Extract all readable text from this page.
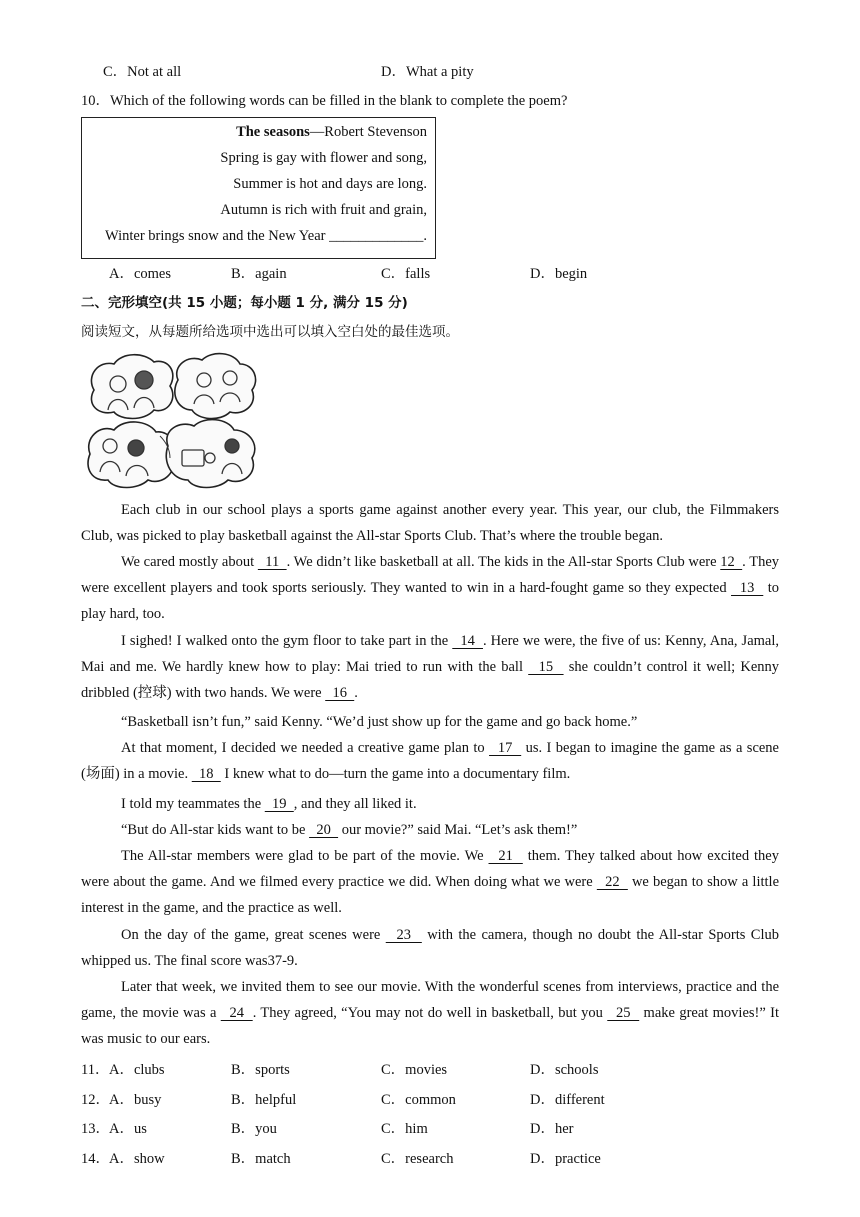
C．Not at all	D．What a pity
10．Which of the following words can be filled in the blank to complete the poem?
The seasons—Robert Stevenson
Spring is gay with flower and song,
Summer is hot and days are long.
Autumn is rich with fruit and grain,
Winter brings snow and the New Year _____________.
A．comes	B．again	C．falls	D．begin
二、完形填空(共 15 小题；每小题 1 分, 满分 15 分)
阅读短文，从每题所给选项中选出可以填入空白处的最佳选项。
Each club in our school plays a sports game against another every year. This year, our club, the Filmmakers Club, was picked to play basketball against the All-star Sports Club. That’s where the trouble began.
We cared mostly about   11  . We didn’t like basketball at all. The kids in the All-star Sports Club were 12  . They were excellent players and took sports seriously. They wanted to win in a hard-fought game so they expected   13   to play hard, too.
I sighed! I walked onto the gym floor to take part in the   14  . Here we were, the five of us: Kenny, Ana, Jamal, Mai and me. We hardly knew how to play: Mai tried to run with the ball   15   she couldn’t control it well; Kenny dribbled (控球) with two hands. We were   16  .
“Basketball isn’t fun,” said Kenny. “We’d just show up for the game and go back home.”
At that moment, I decided we needed a creative game plan to   17   us. I began to imagine the game as a scene (场面) in a movie.   18   I knew what to do—turn the game into a documentary film.
I told my teammates the   19  , and they all liked it.
“But do All-star kids want to be   20   our movie?” said Mai. “Let’s ask them!”
The All-star members were glad to be part of the movie. We   21   them. They talked about how excited they were about the game. And we filmed every practice we did. When doing what we were   22   we began to show a little interest in the game, and the practice as well.
On the day of the game, great scenes were   23   with the camera, though no doubt the All-star Sports Club whipped us. The final score was37-9.
Later that week, we invited them to see our movie. With the wonderful scenes from interviews, practice and the game, the movie was a   24  . They agreed, “You may not do well in basketball, but you   25   make great movies!” It was music to our ears.
11． A．clubs	B．sports	C．movies	D．schools
12． A．busy	B．helpful	C．common	D．different
13． A．us	B．you	C．him	D．her
14． A．show	B．match	C．research	D．practice
